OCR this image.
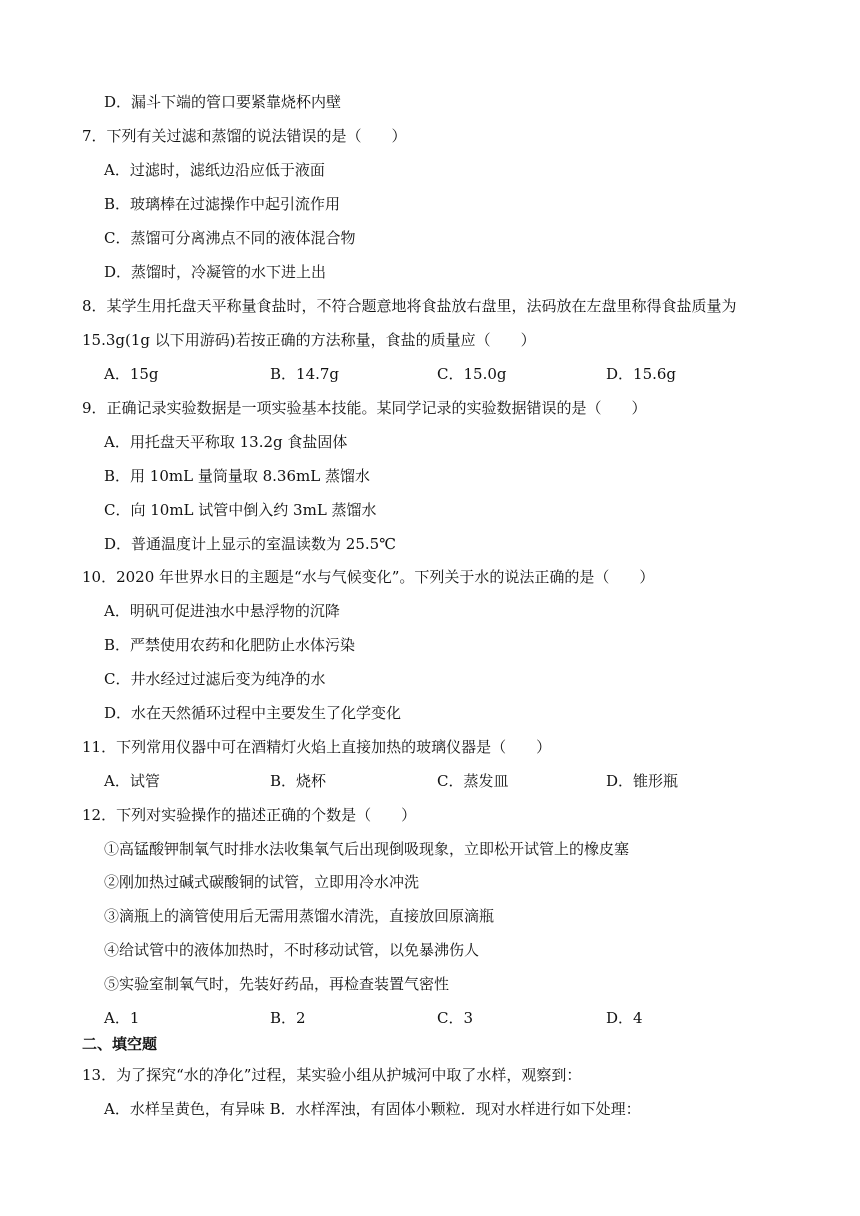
D．漏斗下端的管口要紧靠烧杯内壁
7．下列有关过滤和蒸馏的说法错误的是（　　）
A．过滤时，滤纸边沿应低于液面
B．玻璃棒在过滤操作中起引流作用
C．蒸馏可分离沸点不同的液体混合物
D．蒸馏时，冷凝管的水下进上出
8．某学生用托盘天平称量食盐时，不符合题意地将食盐放右盘里，法码放在左盘里称得食盐质量为
15.3g(1g 以下用游码)若按正确的方法称量，食盐的质量应（　　）
A．15g	B．14.7g	C．15.0g	D．15.6g
9．正确记录实验数据是一项实验基本技能。某同学记录的实验数据错误的是（　　）
A．用托盘天平称取 13.2g 食盐固体
B．用 10mL 量筒量取 8.36mL 蒸馏水
C．向 10mL 试管中倒入约 3mL 蒸馏水
D．普通温度计上显示的室温读数为 25.5℃
10．2020 年世界水日的主题是“水与气候变化”。下列关于水的说法正确的是（　　）
A．明矾可促进浊水中悬浮物的沉降
B．严禁使用农药和化肥防止水体污染
C．井水经过过滤后变为纯净的水
D．水在天然循环过程中主要发生了化学变化
11．下列常用仪器中可在酒精灯火焰上直接加热的玻璃仪器是（　　）
A．试管	B．烧杯	C．蒸发皿	D．锥形瓶
12．下列对实验操作的描述正确的个数是（　　）
①高锰酸钾制氧气时排水法收集氧气后出现倒吸现象，立即松开试管上的橡皮塞
②刚加热过碱式碳酸铜的试管，立即用冷水冲洗
③滴瓶上的滴管使用后无需用蒸馏水清洗，直接放回原滴瓶
④给试管中的液体加热时，不时移动试管，以免暴沸伤人
⑤实验室制氧气时，先装好药品，再检查装置气密性
A．1	B．2	C．3	D．4
二、填空题
13．为了探究“水的净化”过程，某实验小组从护城河中取了水样，观察到：
A．水样呈黄色，有异味 B．水样浑浊，有固体小颗粒．现对水样进行如下处理：
